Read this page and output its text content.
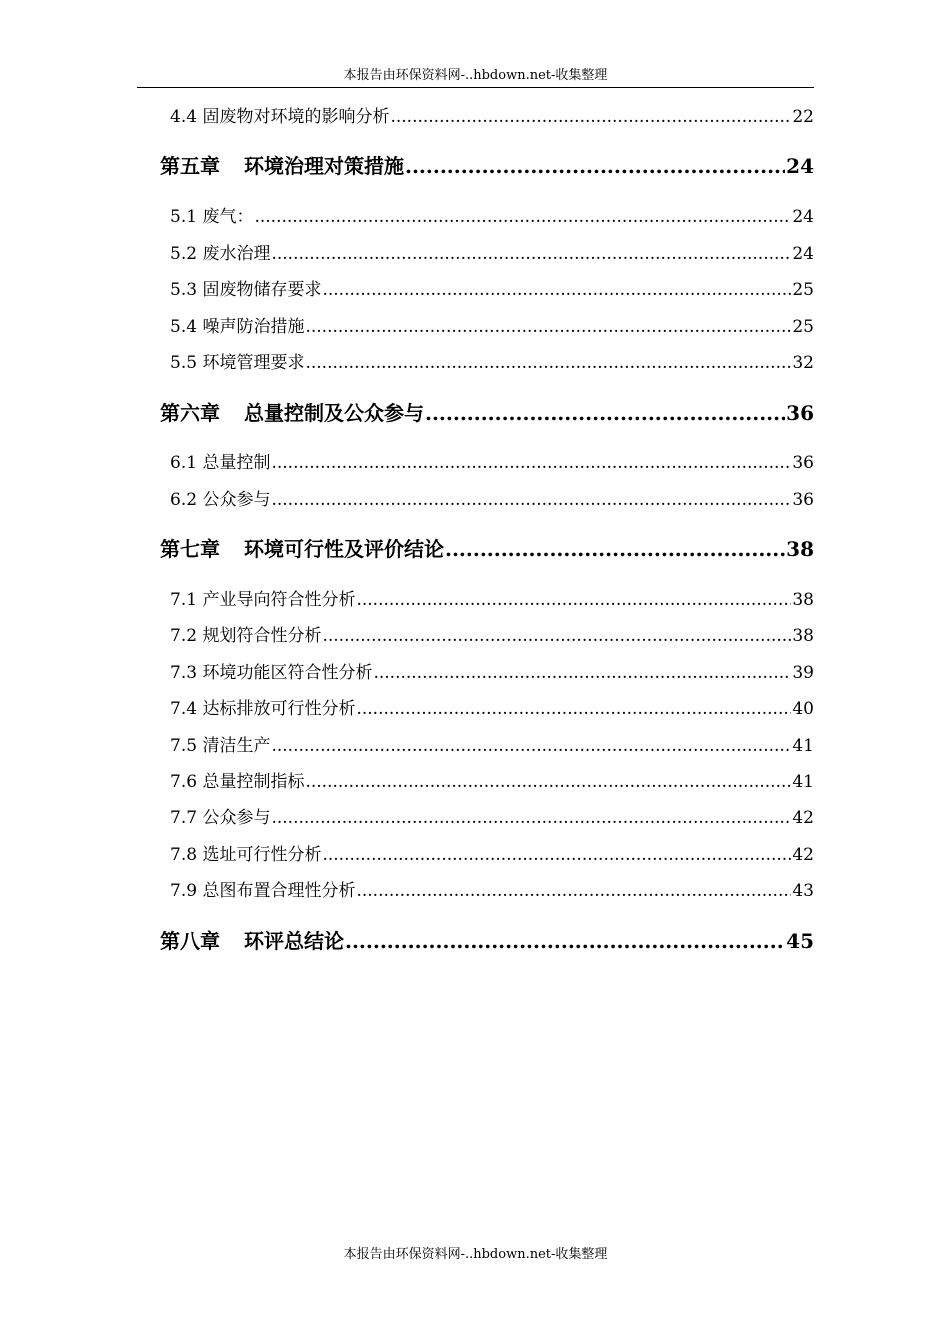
本报告由环保资料网-..hbdown.net-收集整理
4.4 固废物对环境的影响分析 .....	22
第五章 环境治理对策措施 .....	24
5.1 废气： .....	24
5.2 废水治理 .....	24
5.3 固废物储存要求 .....	25
5.4 噪声防治措施 .....	25
5.5 环境管理要求 .....	32
第六章 总量控制及公众参与 .....	36
6.1 总量控制 .....	36
6.2 公众参与 .....	36
第七章 环境可行性及评价结论 .....	38
7.1 产业导向符合性分析 .....	38
7.2 规划符合性分析 .....	38
7.3 环境功能区符合性分析 .....	39
7.4 达标排放可行性分析 .....	40
7.5 清洁生产 .....	41
7.6 总量控制指标 .....	41
7.7 公众参与 .....	42
7.8 选址可行性分析 .....	42
7.9 总图布置合理性分析 .....	43
第八章 环评总结论 .....	45
本报告由环保资料网-..hbdown.net-收集整理
